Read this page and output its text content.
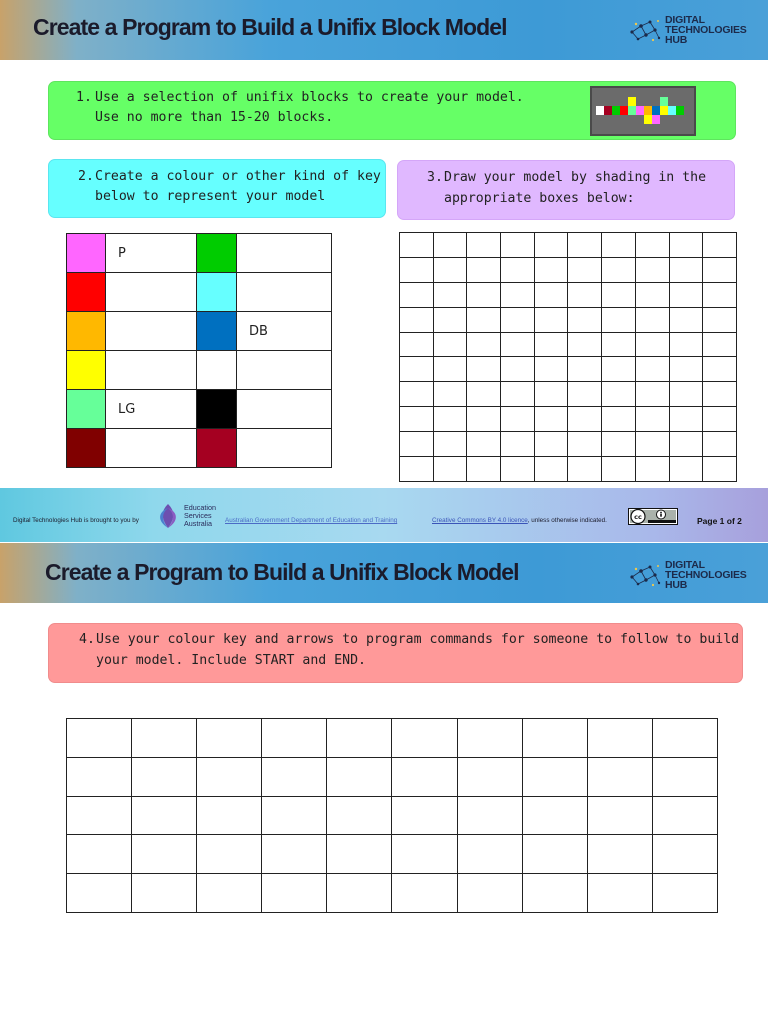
Create a Program to Build a Unifix Block Model	DIGITAL
TECHNOLOGIES
HUB
1. Use a selection of unifix blocks to create your model.
Use no more than 15-20 blocks.
2. Create a colour or other kind of key
below to represent your model
3. Draw your model by shading in the
appropriate boxes below:
	P		

			DB

	LG		

Digital Technologies Hub is brought to you by
Education
Services
Australia	Australian Government Department of Education and Training	Creative Commons BY 4.0 licence, unless otherwise indicated.	cc	Page 1 of 2
Create a Program to Build a Unifix Block Model	DIGITAL
TECHNOLOGIES
HUB
4. Use your colour key and arrows to program commands for someone to follow to build
your model. Include START and END.
